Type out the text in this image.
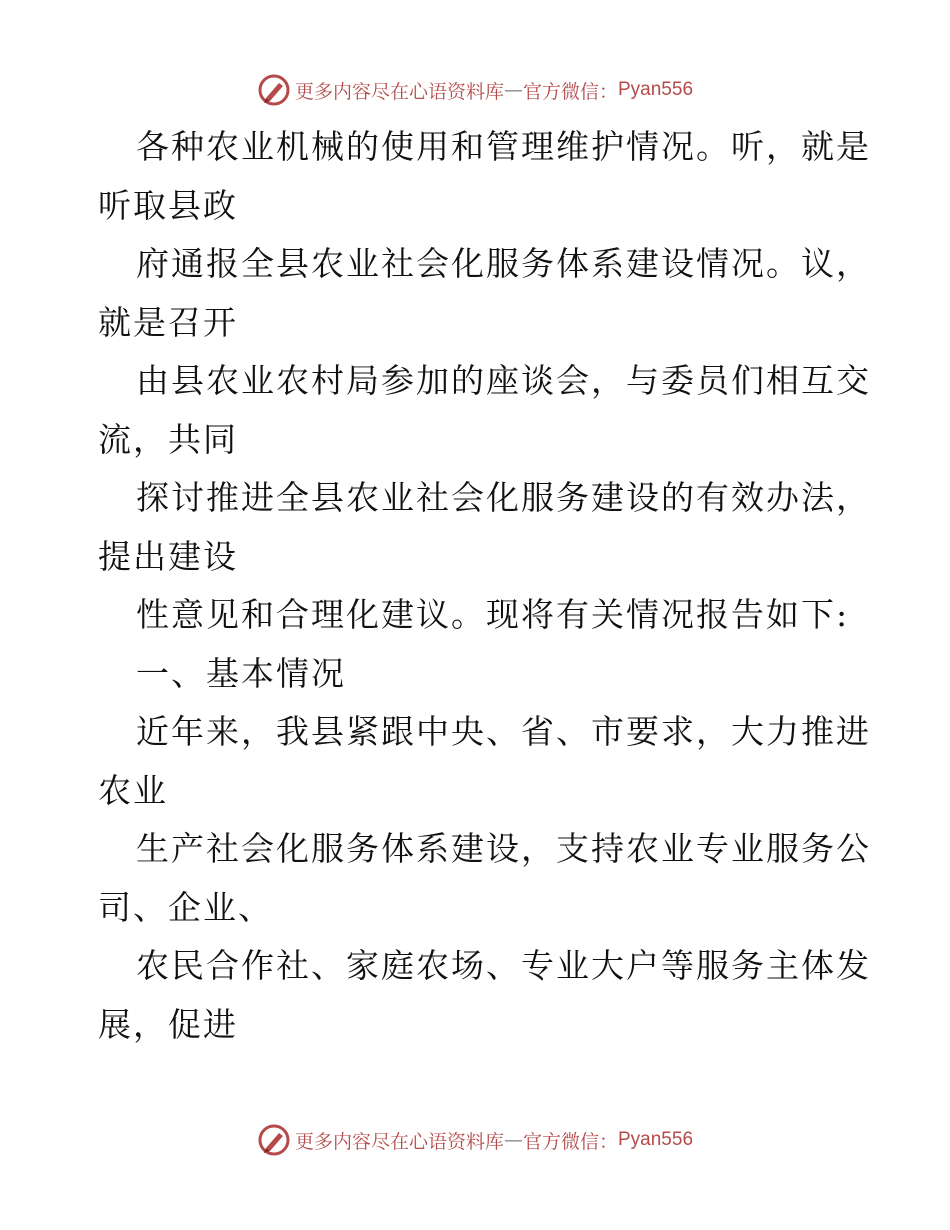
更多内容尽在心语资料库 — 官方微信： Pyan556
各种农业机械的使用和管理维护情况。听，就是
听取县政
府通报全县农业社会化服务体系建设情况。议，
就是召开
由县农业农村局参加的座谈会，与委员们相互交
流，共同
探讨推进全县农业社会化服务建设的有效办法，
提出建设
性意见和合理化建议。现将有关情况报告如下:
一、基本情况
近年来，我县紧跟中央、省、市要求，大力推进
农业
生产社会化服务体系建设，支持农业专业服务公
司、企业、
农民合作社、家庭农场、专业大户等服务主体发
展，促进
更多内容尽在心语资料库 — 官方微信： Pyan556
